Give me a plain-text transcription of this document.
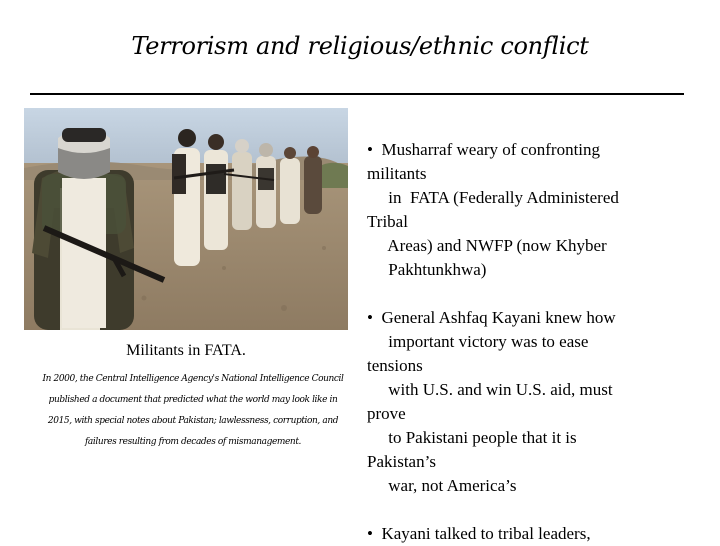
Terrorism and religious/ethnic conflict
Militants in FATA.
In 2000, the Central Intelligence Agency's National Intelligence Council published a document that predicted what the world may look like in 2015, with special notes about Pakistan; lawlessness, corruption, and failures resulting from decades of mismanagement.
•  Musharraf weary of confronting
militants
in  FATA (Federally Administered
Tribal
Areas) and NWFP (now Khyber
Pakhtunkhwa)
•  General Ashfaq Kayani knew how
important victory was to ease
tensions
with U.S. and win U.S. aid, must
prove
to Pakistani people that it is
Pakistan’s
war, not America’s
•  Kayani talked to tribal leaders,
